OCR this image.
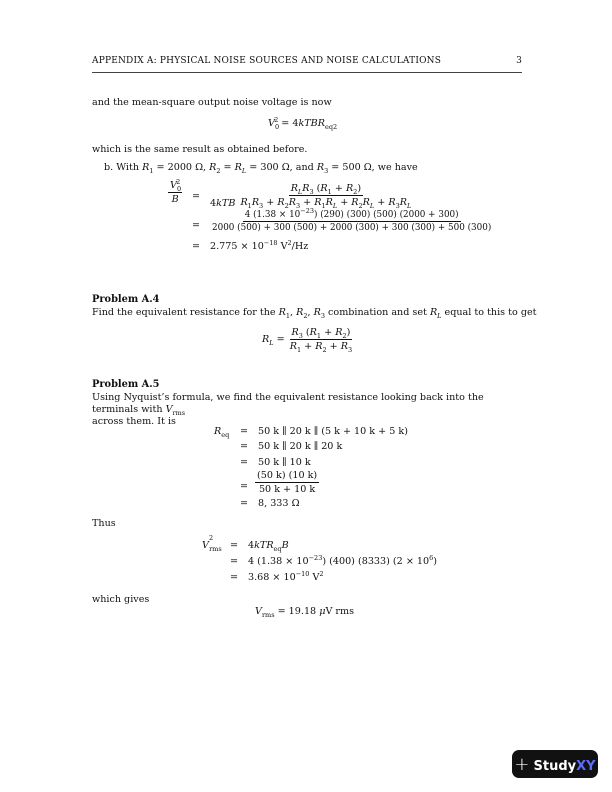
APPENDIX A: PHYSICAL NOISE SOURCES AND NOISE CALCULATIONS	3
and the mean-square output noise voltage is now
$V_0^2$ = 4kTBR$_{eq2}$
which is the same result as obtained before.
b. With $R_1 = 2000$ Ω, $R_2 = R_L = 300$ Ω, and $R_3 = 500$ Ω, we have
$\frac{V_0^2}{B}$ =
$4kTB \frac{R_LR_3 (R_1 + R_2)}{R_1R_3 + R_2R_3 + R_1R_L + R_2R_L + R_3R_L}$
= $\frac{4 (1.38 \times 10^{-23}) (290) (300) (500) (2000 + 300)}{2000 (500) + 300 (500) + 2000 (300) + 300 (300) + 500 (300)}$
= $2.775 \times 10^{-18}$ $V^2/Hz$
Problem A.4
Find the equivalent resistance for the $R_1$, $R_2$, $R_3$ combination and set $R_L$ equal to this to get
$R_L = \frac{R_3 (R_1 + R_2)}{R_1 + R_2 + R_3}$
Problem A.5
Using Nyquist’s formula, we find the equivalent resistance looking back into the terminals with $V_{rms}$
across them. It is
$R_{eq} = 50$ k ∥ 20 k ∥ (5 k + 10 k + 5 k)
= 50 k ∥ 20 k ∥ 20 k
= 50 k ∥ 10 k
= $\frac{(50 k) (10 k)}{50 k + 10 k}$
= 8, 333 Ω
Thus
$V^2_{rms} = 4kTR_{eq}B$
= 4 $(1.38 \times 10^{-23})$ (400) (8333) $(2 \times 10^6)$
= $3.68 \times 10^{-10}$ $V^2$
which gives
$V_{rms} = 19.18$ μV rms
+ StudyXY
